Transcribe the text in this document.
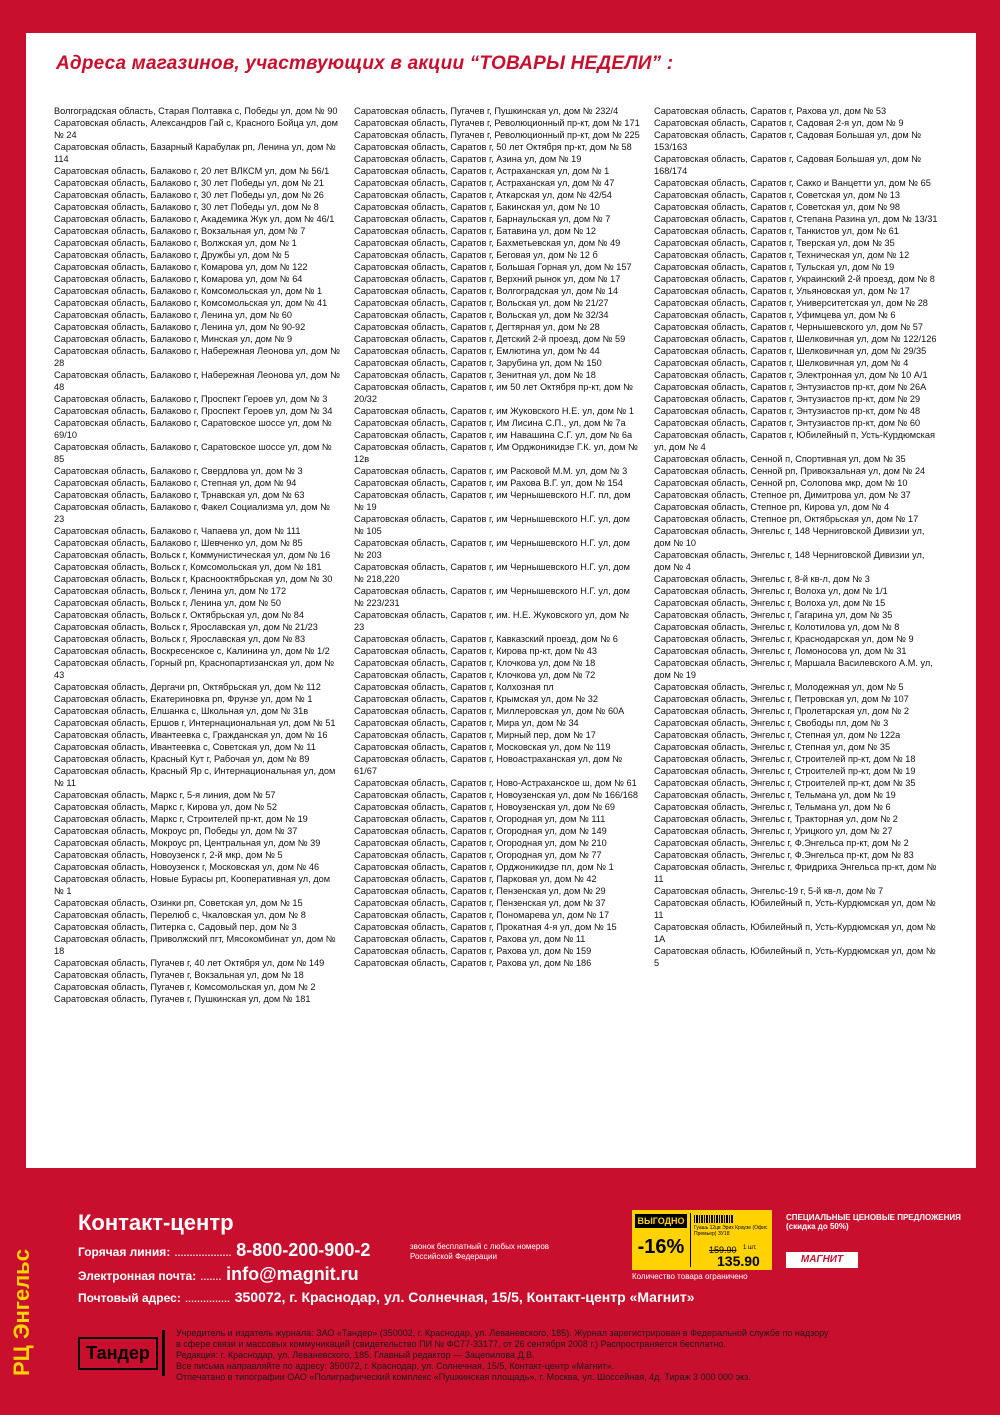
Адреса магазинов, участвующих в акции “ТОВАРЫ НЕДЕЛИ” :
Волгоградская область, Старая Полтавка с, Победы ул, дом № 90
Саратовская область, Александров Гай с, Красного Бойца ул, дом № 24
Саратовская область, Базарный Карабулак рп, Ленина ул, дом № 114
Саратовская область, Балаково г, 20 лет ВЛКСМ ул, дом № 56/1
Саратовская область, Балаково г, 30 лет Победы ул, дом № 21
Саратовская область, Балаково г, 30 лет Победы ул, дом № 26
Саратовская область, Балаково г, 30 лет Победы ул, дом № 8
Саратовская область, Балаково г, Академика Жук ул, дом № 46/1
Саратовская область, Балаково г, Вокзальная ул, дом № 7
Саратовская область, Балаково г, Волжская ул, дом № 1
Саратовская область, Балаково г, Дружбы ул, дом № 5
Саратовская область, Балаково г, Комарова ул, дом № 122
Саратовская область, Балаково г, Комарова ул, дом № 64
Саратовская область, Балаково г, Комсомольская ул, дом № 1
Саратовская область, Балаково г, Комсомольская ул, дом № 41
Саратовская область, Балаково г, Ленина ул, дом № 60
Саратовская область, Балаково г, Ленина ул, дом № 90-92
Саратовская область, Балаково г, Минская ул, дом № 9
Саратовская область, Балаково г, Набережная Леонова ул, дом № 28
Саратовская область, Балаково г, Набережная Леонова ул, дом № 48
Саратовская область, Балаково г, Проспект Героев ул, дом № 3
Саратовская область, Балаково г, Проспект Героев ул, дом № 34
Саратовская область, Балаково г, Саратовское шоссе ул, дом № 69/10
Саратовская область, Балаково г, Саратовское шоссе ул, дом № 85
Саратовская область, Балаково г, Свердлова ул, дом № 3
Саратовская область, Балаково г, Степная ул, дом № 94
Саратовская область, Балаково г, Трнавская ул, дом № 63
Саратовская область, Балаково г, Факел Социализма ул, дом № 23
Саратовская область, Балаково г, Чапаева ул, дом № 111
Саратовская область, Балаково г, Шевченко ул, дом № 85
Саратовская область, Вольск г, Коммунистическая ул, дом № 16
Саратовская область, Вольск г, Комсомольская ул, дом № 181
Саратовская область, Вольск г, Краснооктябрьская ул, дом № 30
Саратовская область, Вольск г, Ленина ул, дом № 172
Саратовская область, Вольск г, Ленина ул, дом № 50
Саратовская область, Вольск г, Октябрьская ул, дом № 84
Саратовская область, Вольск г, Ярославская ул, дом № 21/23
Саратовская область, Вольск г, Ярославская ул, дом № 83
Саратовская область, Воскресенское с, Калинина ул, дом № 1/2
Саратовская область, Горный рп, Краснопартизанская ул, дом № 43
Саратовская область, Дергачи рп, Октябрьская ул, дом № 112
Саратовская область, Екатериновка рп, Фрунзе ул, дом № 1
Саратовская область, Елшанка с, Школьная ул, дом № 31в
Саратовская область, Ершов г, Интернациональная ул, дом № 51
Саратовская область, Ивантеевка с, Гражданская ул, дом № 16
Саратовская область, Ивантеевка с, Советская ул, дом № 11
Саратовская область, Красный Кут г, Рабочая ул, дом № 89
Саратовская область, Красный Яр с, Интернациональная ул, дом № 11
Саратовская область, Маркс г, 5-я линия, дом № 57
Саратовская область, Маркс г, Кирова ул, дом № 52
Саратовская область, Маркс г, Строителей пр-кт, дом № 19
Саратовская область, Мокроус рп, Победы ул, дом № 37
Саратовская область, Мокроус рп, Центральная ул, дом № 39
Саратовская область, Новоузенск г, 2-й мкр, дом № 5
Саратовская область, Новоузенск г, Московская ул, дом № 46
Саратовская область, Новые Бурасы рп, Кооперативная ул, дом № 1
Саратовская область, Озинки рп, Советская ул, дом № 15
Саратовская область, Перелюб с, Чкаловская ул, дом № 8
Саратовская область, Питерка с, Садовый пер, дом № 3
Саратовская область, Приволжский пгт, Мясокомбинат ул, дом № 18
Саратовская область, Пугачев г, 40 лет Октября ул, дом № 149
Саратовская область, Пугачев г, Вокзальная ул, дом № 18
Саратовская область, Пугачев г, Комсомольская ул, дом № 2
Саратовская область, Пугачев г, Пушкинская ул, дом № 181
Саратовская область, Пугачев г, Пушкинская ул, дом № 232/4
Саратовская область, Пугачев г, Революционный пр-кт, дом № 171
Саратовская область, Пугачев г, Революционный пр-кт, дом № 225
Саратовская область, Саратов г, 50 лет Октября пр-кт, дом № 58
Саратовская область, Саратов г, Азина ул, дом № 19
Саратовская область, Саратов г, Астраханская ул, дом № 1
Саратовская область, Саратов г, Астраханская ул, дом № 47
Саратовская область, Саратов г, Аткарская ул, дом № 42/54
Саратовская область, Саратов г, Бакинская ул, дом № 10
Саратовская область, Саратов г, Барнаульская ул, дом № 7
Саратовская область, Саратов г, Батавина ул, дом № 12
Саратовская область, Саратов г, Бахметьевская ул, дом № 49
Саратовская область, Саратов г, Беговая ул, дом № 12 б
Саратовская область, Саратов г, Большая Горная ул, дом № 157
Саратовская область, Саратов г, Верхний рынок ул, дом № 17
Саратовская область, Саратов г, Волгоградская ул, дом № 14
Саратовская область, Саратов г, Вольская ул, дом № 21/27
Саратовская область, Саратов г, Вольская ул, дом № 32/34
Саратовская область, Саратов г, Дегтярная ул, дом № 28
Саратовская область, Саратов г, Детский 2-й проезд, дом № 59
Саратовская область, Саратов г, Емлютина ул, дом № 44
Саратовская область, Саратов г, Зарубина ул, дом № 150
Саратовская область, Саратов г, Зенитная ул, дом № 18
Саратовская область, Саратов г, им 50 лет Октября пр-кт, дом № 20/32
Саратовская область, Саратов г, им Жуковского Н.Е. ул, дом № 1
Саратовская область, Саратов г, Им Лисина С.П., ул, дом № 7а
Саратовская область, Саратов г, им Навашина С.Г. ул, дом № 6а
Саратовская область, Саратов г, Им Орджоникидзе Г.К. ул, дом № 12в
Саратовская область, Саратов г, им Расковой М.М. ул, дом № 3
Саратовская область, Саратов г, им Рахова В.Г. ул, дом № 154
Саратовская область, Саратов г, им Чернышевского Н.Г. пл, дом № 19
Саратовская область, Саратов г, им Чернышевского Н.Г. ул, дом № 105
Саратовская область, Саратов г, им Чернышевского Н.Г. ул, дом № 203
Саратовская область, Саратов г, им Чернышевского Н.Г. ул, дом № 218,220
Саратовская область, Саратов г, им Чернышевского Н.Г. ул, дом № 223/231
Саратовская область, Саратов г, им. Н.Е. Жуковского ул, дом № 23
Саратовская область, Саратов г, Кавказский проезд, дом № 6
Саратовская область, Саратов г, Кирова пр-кт, дом № 43
Саратовская область, Саратов г, Клочкова ул, дом № 18
Саратовская область, Саратов г, Клочкова ул, дом № 72
Саратовская область, Саратов г, Колхозная пл
Саратовская область, Саратов г, Крымская ул, дом № 32
Саратовская область, Саратов г, Миллеровская ул, дом № 60А
Саратовская область, Саратов г, Мира ул, дом № 34
Саратовская область, Саратов г, Мирный пер, дом № 17
Саратовская область, Саратов г, Московская ул, дом № 119
Саратовская область, Саратов г, Новоастраханская ул, дом № 61/67
Саратовская область, Саратов г, Ново-Астраханское ш, дом № 61
Саратовская область, Саратов г, Новоузенская ул, дом № 166/168
Саратовская область, Саратов г, Новоузенская ул, дом № 69
Саратовская область, Саратов г, Огородная ул, дом № 111
Саратовская область, Саратов г, Огородная ул, дом № 149
Саратовская область, Саратов г, Огородная ул, дом № 210
Саратовская область, Саратов г, Огородная ул, дом № 77
Саратовская область, Саратов г, Орджоникидзе пл, дом № 1
Саратовская область, Саратов г, Парковая ул, дом № 42
Саратовская область, Саратов г, Пензенская ул, дом № 29
Саратовская область, Саратов г, Пензенская ул, дом № 37
Саратовская область, Саратов г, Пономарева ул, дом № 17
Саратовская область, Саратов г, Прокатная 4-я ул, дом № 15
Саратовская область, Саратов г, Рахова ул, дом № 11
Саратовская область, Саратов г, Рахова ул, дом № 159
Саратовская область, Саратов г, Рахова ул, дом № 186
Саратовская область, Саратов г, Рахова ул, дом № 53
Саратовская область, Саратов г, Садовая 2-я ул, дом № 9
Саратовская область, Саратов г, Садовая Большая ул, дом № 153/163
Саратовская область, Саратов г, Садовая Большая ул, дом № 168/174
Саратовская область, Саратов г, Сакко и Ванцетти ул, дом № 65
Саратовская область, Саратов г, Советская ул, дом № 13
Саратовская область, Саратов г, Советская ул, дом № 98
Саратовская область, Саратов г, Степана Разина ул, дом № 13/31
Саратовская область, Саратов г, Танкистов ул, дом № 61
Саратовская область, Саратов г, Тверская ул, дом № 35
Саратовская область, Саратов г, Техническая ул, дом № 12
Саратовская область, Саратов г, Тульская ул, дом № 19
Саратовская область, Саратов г, Украинский 2-й проезд, дом № 8
Саратовская область, Саратов г, Ульяновская ул, дом № 17
Саратовская область, Саратов г, Университетская ул, дом № 28
Саратовская область, Саратов г, Уфимцева ул, дом № 6
Саратовская область, Саратов г, Чернышевского ул, дом № 57
Саратовская область, Саратов г, Шелковичная ул, дом № 122/126
Саратовская область, Саратов г, Шелковичная ул, дом № 29/35
Саратовская область, Саратов г, Шелковичная ул, дом № 4
Саратовская область, Саратов г, Электронная ул, дом № 10 А/1
Саратовская область, Саратов г, Энтузиастов пр-кт, дом № 26А
Саратовская область, Саратов г, Энтузиастов пр-кт, дом № 29
Саратовская область, Саратов г, Энтузиастов пр-кт, дом № 48
Саратовская область, Саратов г, Энтузиастов пр-кт, дом № 60
Саратовская область, Саратов г, Юбилейный п, Усть-Курдюмская ул, дом № 4
Саратовская область, Сенной п, Спортивная ул, дом № 35
Саратовская область, Сенной рп, Привокзальная ул, дом № 24
Саратовская область, Сенной рп, Солопова мкр, дом № 10
Саратовская область, Степное рп, Димитрова ул, дом № 37
Саратовская область, Степное рп, Кирова ул, дом № 4
Саратовская область, Степное рп, Октябрьская ул, дом № 17
Саратовская область, Энгельс г, 148 Черниговской Дивизии ул, дом № 10
Саратовская область, Энгельс г, 148 Черниговской Дивизии ул, дом № 4
Саратовская область, Энгельс г, 8-й кв-л, дом № 3
Саратовская область, Энгельс г, Волоха ул, дом № 1/1
Саратовская область, Энгельс г, Волоха ул, дом № 15
Саратовская область, Энгельс г, Гагарина ул, дом № 35
Саратовская область, Энгельс г, Колотилова ул, дом № 8
Саратовская область, Энгельс г, Краснодарская ул, дом № 9
Саратовская область, Энгельс г, Ломоносова ул, дом № 31
Саратовская область, Энгельс г, Маршала Василевского А.М. ул, дом № 19
Саратовская область, Энгельс г, Молодежная ул, дом № 5
Саратовская область, Энгельс г, Петровская ул, дом № 107
Саратовская область, Энгельс г, Пролетарская ул, дом № 2
Саратовская область, Энгельс г, Свободы пл, дом № 3
Саратовская область, Энгельс г, Степная ул, дом № 122а
Саратовская область, Энгельс г, Степная ул, дом № 35
Саратовская область, Энгельс г, Строителей пр-кт, дом № 18
Саратовская область, Энгельс г, Строителей пр-кт, дом № 19
Саратовская область, Энгельс г, Строителей пр-кт, дом № 35
Саратовская область, Энгельс г, Тельмана ул, дом № 19
Саратовская область, Энгельс г, Тельмана ул, дом № 6
Саратовская область, Энгельс г, Тракторная ул, дом № 2
Саратовская область, Энгельс г, Урицкого ул, дом № 27
Саратовская область, Энгельс г, Ф.Энгельса пр-кт, дом № 2
Саратовская область, Энгельс г, Ф.Энгельса пр-кт, дом № 83
Саратовская область, Энгельс г, Фридриха Энгельса пр-кт, дом № 11
Саратовская область, Энгельс-19 г, 5-й кв-л, дом № 7
Саратовская область, Юбилейный п, Усть-Курдюмская ул, дом № 11
Саратовская область, Юбилейный п, Усть-Курдюмская ул, дом № 1А
Саратовская область, Юбилейный п, Усть-Курдюмская ул, дом № 5
РЦ Энгельс
Контакт-центр
Горячая линия: ................... 8-800-200-900-2	звонок бесплатный с любых номеров Российской Федерации
Электронная почта: ....... info@magnit.ru
Почтовый адрес: ............... 350072, г. Краснодар, ул. Солнечная, 15/5, Контакт-центр «Магнит»
ВЫГОДНО
-16%
Гуашь 12цв Эрих Краузе (Офис Премьер) ЗУ18
159.90 1 шт.
135.90
Количество товара ограничено
СПЕЦИАЛЬНЫЕ ЦЕНОВЫЕ ПРЕДЛОЖЕНИЯ (скидка до 50%) отмечены желтыми ценниками. Подробную информацию можно найти в журнале
МАГНИТ
Тандер
Учредитель и издатель журнала: ЗАО «Тандер» (350002, г. Краснодар, ул. Леваневского, 185). Журнал зарегистрирован в Федеральной службе по надзору
в сфере связи и массовых коммуникаций (свидетельство ПИ № ФС77-33177, от 26 сентября 2008 г.) Распространяется бесплатно.
Редакция: г. Краснодар, ул. Леваневского, 185. Главный редактор — Зацепилова Д.В.
Все письма направляйте по адресу: 350072, г. Краснодар, ул. Солнечная, 15/5, Контакт-центр «Магнит».
Отпечатано в типографии ОАО «Полиграфический комплекс «Пушкинская площадь», г. Москва, ул. Шосcейная, 4д. Тираж 3 000 000 экз.
